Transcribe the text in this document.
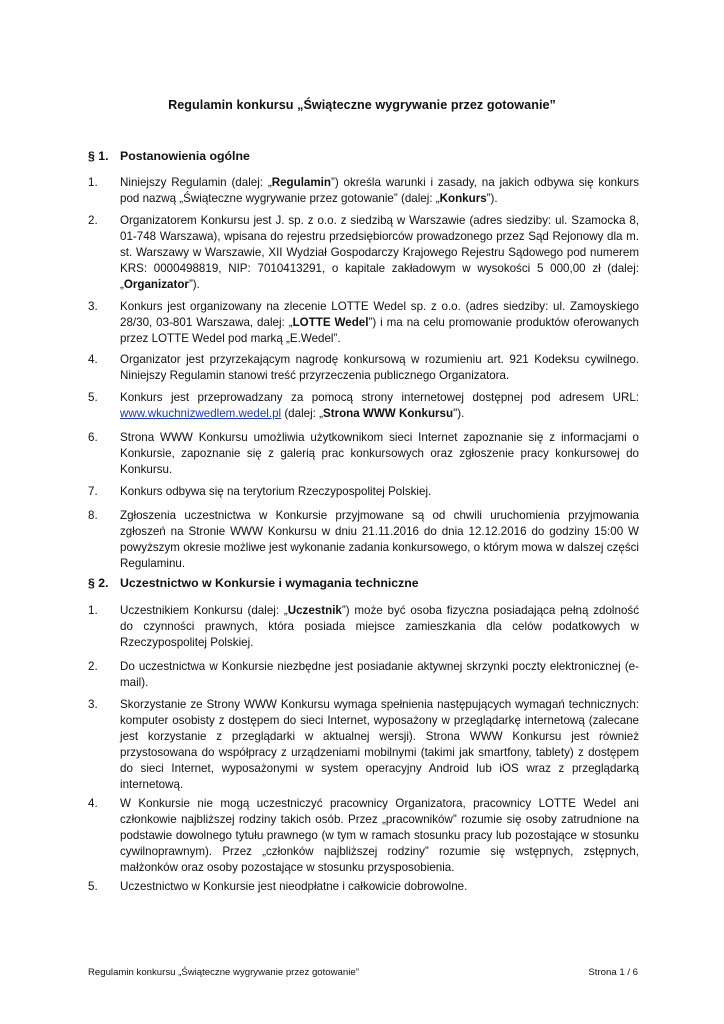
Regulamin konkursu „Świąteczne wygrywanie przez gotowanie”
§ 1. Postanowienia ogólne
1. Niniejszy Regulamin (dalej: „Regulamin”) określa warunki i zasady, na jakich odbywa się konkurs pod nazwą „Świąteczne wygrywanie przez gotowanie” (dalej: „Konkurs”).
2. Organizatorem Konkursu jest J. sp. z o.o. z siedzibą w Warszawie (adres siedziby: ul. Szamocka 8, 01-748 Warszawa), wpisana do rejestru przedsiębiorców prowadzonego przez Sąd Rejonowy dla m. st. Warszawy w Warszawie, XII Wydział Gospodarczy Krajowego Rejestru Sądowego pod numerem KRS: 0000498819, NIP: 7010413291, o kapitale zakładowym w wysokości 5 000,00 zł (dalej: „Organizator”).
3. Konkurs jest organizowany na zlecenie LOTTE Wedel sp. z o.o. (adres siedziby: ul. Zamoyskiego 28/30, 03-801 Warszawa, dalej: „LOTTE Wedel”) i ma na celu promowanie produktów oferowanych przez LOTTE Wedel pod marką „E.Wedel”.
4. Organizator jest przyrzekającym nagrodę konkursową w rozumieniu art. 921 Kodeksu cywilnego. Niniejszy Regulamin stanowi treść przyrzeczenia publicznego Organizatora.
5. Konkurs jest przeprowadzany za pomocą strony internetowej dostępnej pod adresem URL: www.wkuchnizwedlem.wedel.pl (dalej: „Strona WWW Konkursu").
6. Strona WWW Konkursu umożliwia użytkownikom sieci Internet zapoznanie się z informacjami o Konkursie, zapoznanie się z galerią prac konkursowych oraz zgłoszenie pracy konkursowej do Konkursu.
7. Konkurs odbywa się na terytorium Rzeczypospolitej Polskiej.
8. Zgłoszenia uczestnictwa w Konkursie przyjmowane są od chwili uruchomienia przyjmowania zgłoszeń na Stronie WWW Konkursu w dniu 21.11.2016 do dnia 12.12.2016 do godziny 15:00 W powyższym okresie możliwe jest wykonanie zadania konkursowego, o którym mowa w dalszej części Regulaminu.
§ 2. Uczestnictwo w Konkursie i wymagania techniczne
1. Uczestnikiem Konkursu (dalej: „Uczestnik”) może być osoba fizyczna posiadająca pełną zdolność do czynności prawnych, która posiada miejsce zamieszkania dla celów podatkowych w Rzeczypospolitej Polskiej.
2. Do uczestnictwa w Konkursie niezbędne jest posiadanie aktywnej skrzynki poczty elektronicznej (e-mail).
3. Skorzystanie ze Strony WWW Konkursu wymaga spełnienia następujących wymagań technicznych: komputer osobisty z dostępem do sieci Internet, wyposażony w przeglądarkę internetową (zalecane jest korzystanie z przeglądarki w aktualnej wersji). Strona WWW Konkursu jest również przystosowana do współpracy z urządzeniami mobilnymi (takimi jak smartfony, tablety) z dostępem do sieci Internet, wyposażonymi w system operacyjny Android lub iOS wraz z przeglądarką internetową.
4. W Konkursie nie mogą uczestniczyć pracownicy Organizatora, pracownicy LOTTE Wedel ani członkowie najbliższej rodziny takich osób. Przez „pracowników” rozumie się osoby zatrudnione na podstawie dowolnego tytułu prawnego (w tym w ramach stosunku pracy lub pozostające w stosunku cywilnoprawnym). Przez „członków najbliższej rodziny” rozumie się wstępnych, zstępnych, małżonków oraz osoby pozostające w stosunku przysposobienia.
5. Uczestnictwo w Konkursie jest nieodpłatne i całkowicie dobrowolne.
Regulamin konkursu „Świąteczne wygrywanie przez gotowanie”	Strona 1 / 6
